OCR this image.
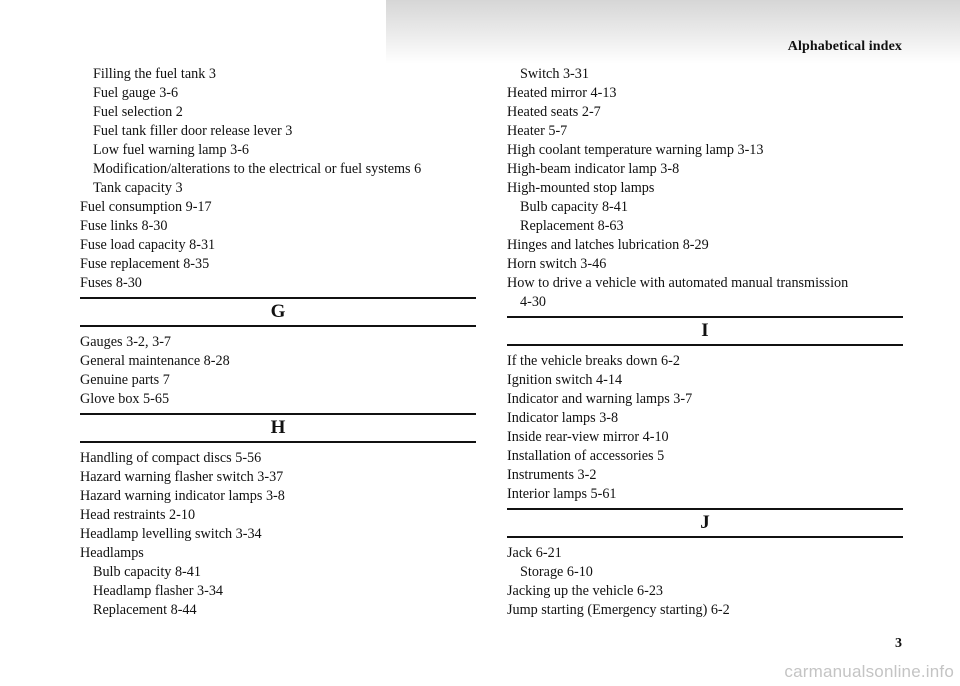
Alphabetical index
Filling the fuel tank 3
Fuel gauge 3-6
Fuel selection 2
Fuel tank filler door release lever 3
Low fuel warning lamp 3-6
Modification/alterations to the electrical or fuel systems 6
Tank capacity 3
Fuel consumption 9-17
Fuse links 8-30
Fuse load capacity 8-31
Fuse replacement 8-35
Fuses 8-30
G
Gauges 3-2, 3-7
General maintenance 8-28
Genuine parts 7
Glove box 5-65
H
Handling of compact discs 5-56
Hazard warning flasher switch 3-37
Hazard warning indicator lamps 3-8
Head restraints 2-10
Headlamp levelling switch 3-34
Headlamps
Bulb capacity 8-41
Headlamp flasher 3-34
Replacement 8-44
Switch 3-31
Heated mirror 4-13
Heated seats 2-7
Heater 5-7
High coolant temperature warning lamp 3-13
High-beam indicator lamp 3-8
High-mounted stop lamps
Bulb capacity 8-41
Replacement 8-63
Hinges and latches lubrication 8-29
Horn switch 3-46
How to drive a vehicle with automated manual transmission
4-30
I
If the vehicle breaks down 6-2
Ignition switch 4-14
Indicator and warning lamps 3-7
Indicator lamps 3-8
Inside rear-view mirror 4-10
Installation of accessories 5
Instruments 3-2
Interior lamps 5-61
J
Jack 6-21
Storage 6-10
Jacking up the vehicle 6-23
Jump starting (Emergency starting) 6-2
3
carmanualsonline.info
